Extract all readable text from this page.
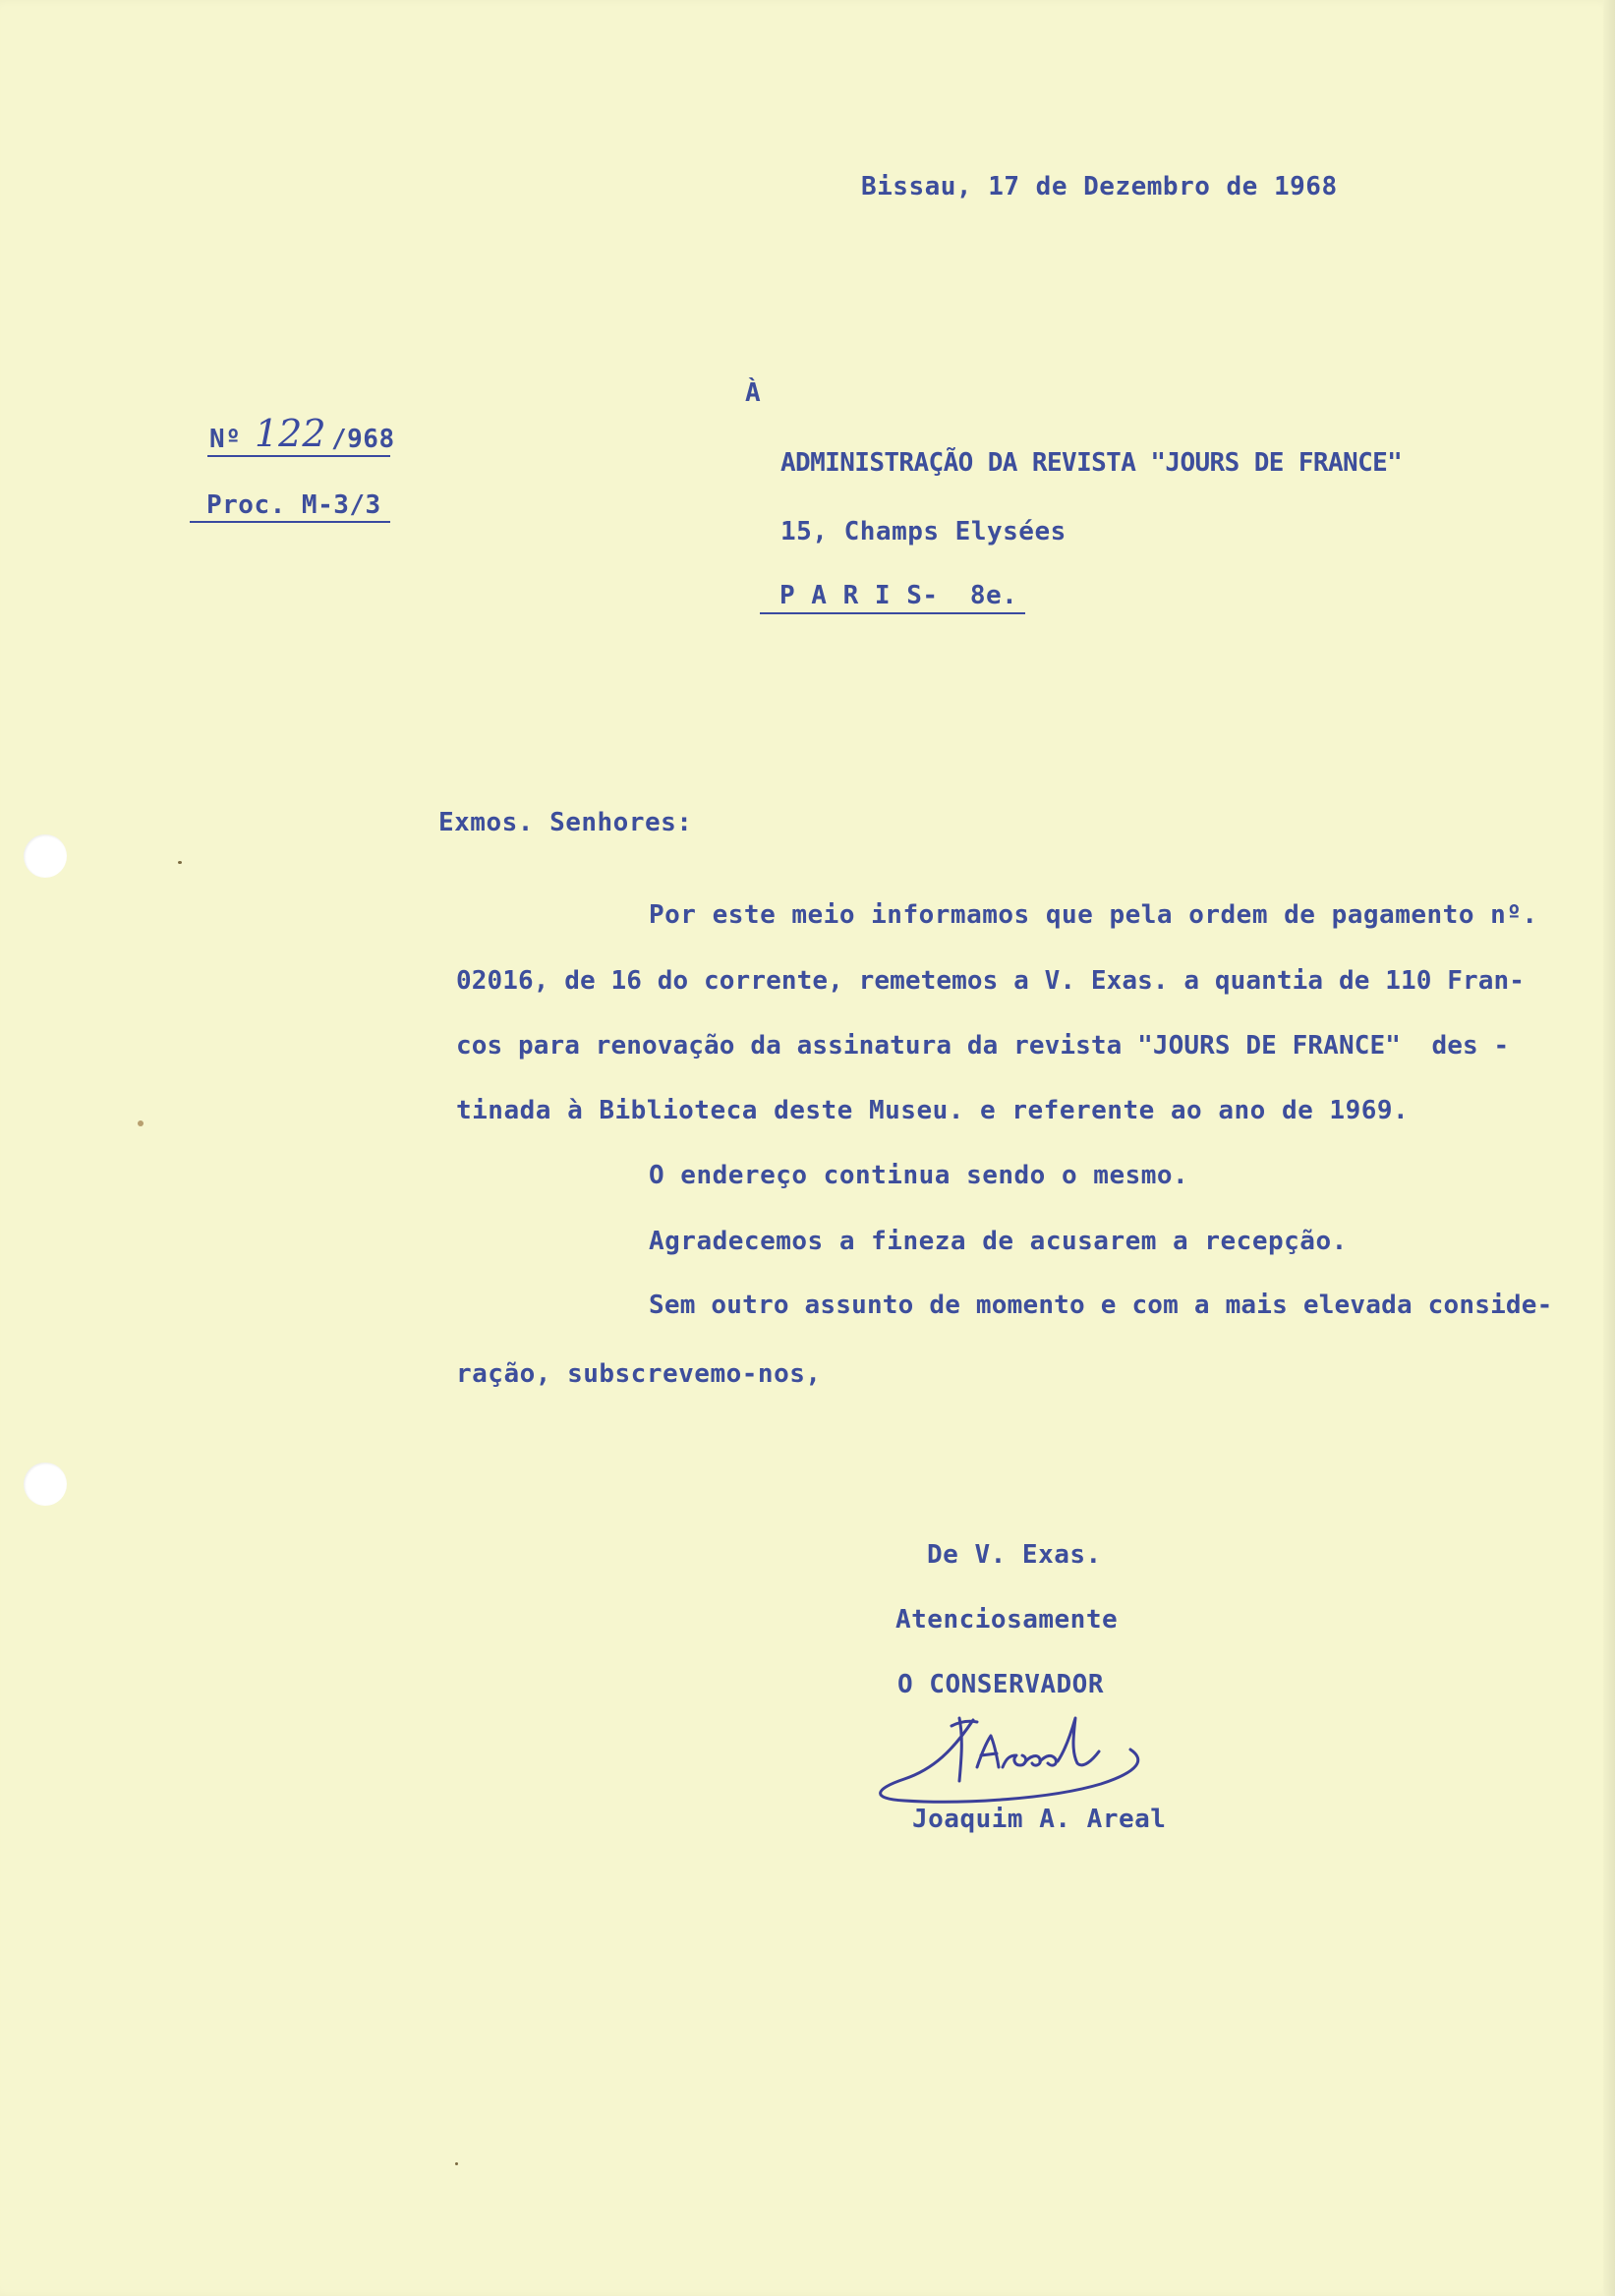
Bissau, 17 de Dezembro de 1968
Nº 122 /968
Proc. M-3/3
À
ADMINISTRAÇÃO DA REVISTA "JOURS DE FRANCE"
15, Champs Elysées
P A R I S-  8e.
Exmos. Senhores:
Por este meio informamos que pela ordem de pagamento nº.
02016, de 16 do corrente, remetemos a V. Exas. a quantia de 110 Fran-
cos para renovação da assinatura da revista "JOURS DE FRANCE"  des -
tinada à Biblioteca deste Museu. e referente ao ano de 1969.
O endereço continua sendo o mesmo.
Agradecemos a fineza de acusarem a recepção.
Sem outro assunto de momento e com a mais elevada conside-
ração, subscrevemo-nos,
De V. Exas.
Atenciosamente
O CONSERVADOR
Joaquim A. Areal
